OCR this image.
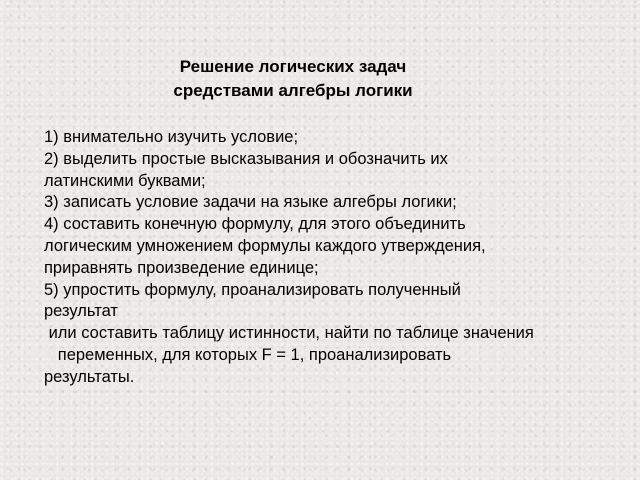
Решение логических задач
средствами алгебры логики
1) внимательно изучить условие;
2) выделить простые высказывания и обозначить их
латинскими буквами;
3) записать условие задачи на языке алгебры логики;
4) составить конечную формулу, для этого объединить
логическим умножением формулы каждого утверждения,
приравнять произведение единице;
5) упростить формулу, проанализировать полученный
результат
или составить таблицу истинности, найти по таблице значения
переменных, для которых F = 1, проанализировать
результаты.
